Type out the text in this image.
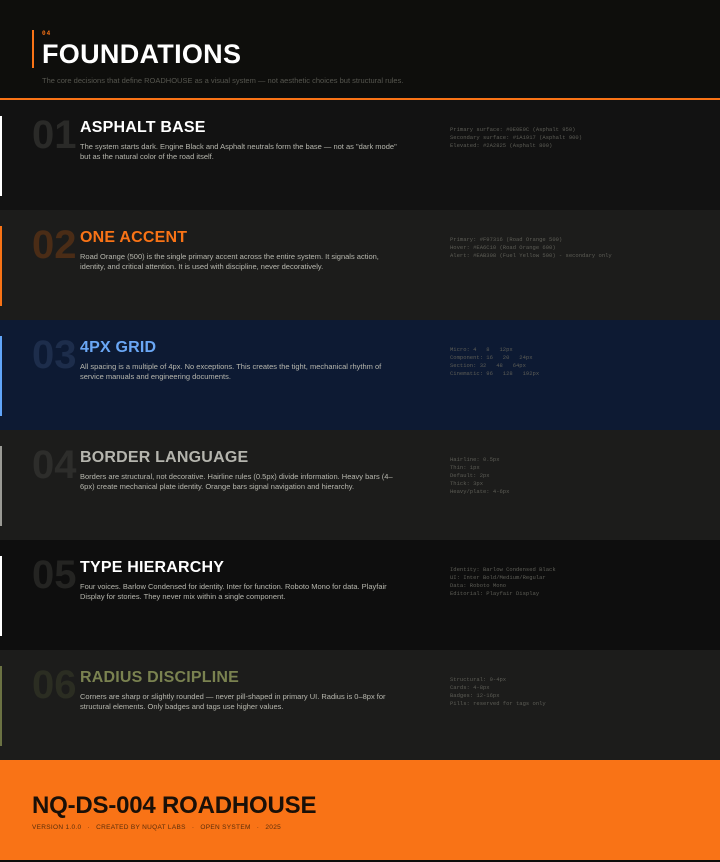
04
FOUNDATIONS
The core decisions that define ROADHOUSE as a visual system — not aesthetic choices but structural rules.
01 ASPHALT BASE
The system starts dark. Engine Black and Asphalt neutrals form the base — not as "dark mode" but as the natural color of the road itself.
Primary surface: #0E0E0C (Asphalt 950)
Secondary surface: #1A1917 (Asphalt 900)
Elevated: #2A2825 (Asphalt 800)
02 ONE ACCENT
Road Orange (500) is the single primary accent across the entire system. It signals action, identity, and critical attention. It is used with discipline, never decoratively.
Primary: #F97316 (Road Orange 500)
Hover: #EA6C10 (Road Orange 600)
Alert: #EAB308 (Fuel Yellow 500) - secondary only
03 4PX GRID
All spacing is a multiple of 4px. No exceptions. This creates the tight, mechanical rhythm of service manuals and engineering documents.
Micro: 4   8   12px
Component: 16   20   24px
Section: 32   48   64px
Cinematic: 96   128   192px
04 BORDER LANGUAGE
Borders are structural, not decorative. Hairline rules (0.5px) divide information. Heavy bars (4–6px) create mechanical plate identity. Orange bars signal navigation and hierarchy.
Hairline: 0.5px
Thin: 1px
Default: 2px
Thick: 3px
Heavy/plate: 4-6px
05 TYPE HIERARCHY
Four voices. Barlow Condensed for identity. Inter for function. Roboto Mono for data. Playfair Display for stories. They never mix within a single component.
Identity: Barlow Condensed Black
UI: Inter Bold/Medium/Regular
Data: Roboto Mono
Editorial: Playfair Display
06 RADIUS DISCIPLINE
Corners are sharp or slightly rounded — never pill-shaped in primary UI. Radius is 0–8px for structural elements. Only badges and tags use higher values.
Structural: 0-4px
Cards: 4-8px
Badges: 12-16px
Pills: reserved for tags only
NQ-DS-004 ROADHOUSE
VERSION 1.0.0 · CREATED BY NUQAT LABS · OPEN SYSTEM · 2025
